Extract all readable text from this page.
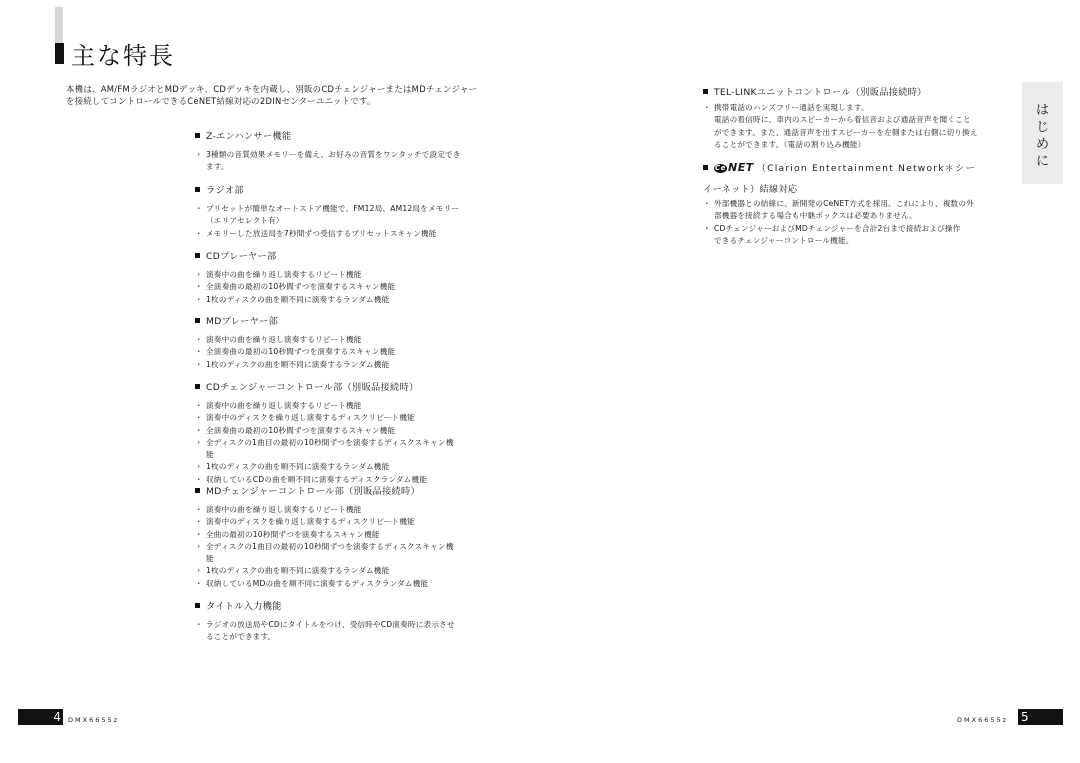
主な特長
本機は、AM/FMラジオとMDデッキ、CDデッキを内蔵し、別販のCDチェンジャーまたはMDチェンジャー
を接続してコントロールできるCeNET結線対応の2DINセンターユニットです。
Z-エンハンサー機能
・ 3種類の音質効果メモリーを備え、お好みの音質をワンタッチで設定でき
ます。
ラジオ部
・ プリセットが簡単なオートストア機能で、FM12局、AM12局をメモリー
（エリアセレクト有）
・ メモリーした放送局を7秒間ずつ受信するプリセットスキャン機能
CDプレーヤー部
・ 演奏中の曲を繰り返し演奏するリピート機能
・ 全演奏曲の最初の10秒間ずつを演奏するスキャン機能
・ 1枚のディスクの曲を順不同に演奏するランダム機能
MDプレーヤー部
・ 演奏中の曲を繰り返し演奏するリピート機能
・ 全演奏曲の最初の10秒間ずつを演奏するスキャン機能
・ 1枚のディスクの曲を順不同に演奏するランダム機能
CDチェンジャーコントロール部（別販品接続時）
・ 演奏中の曲を繰り返し演奏するリピート機能
・ 演奏中のディスクを繰り返し演奏するディスクリピート機能
・ 全演奏曲の最初の10秒間ずつを演奏するスキャン機能
・ 全ディスクの1曲目の最初の10秒間ずつを演奏するディスクスキャン機
能
・ 1枚のディスクの曲を順不同に演奏するランダム機能
・ 収納しているCDの曲を順不同に演奏するディスクランダム機能
MDチェンジャーコントロール部（別販品接続時）
・ 演奏中の曲を繰り返し演奏するリピート機能
・ 演奏中のディスクを繰り返し演奏するディスクリピート機能
・ 全曲の最初の10秒間ずつを演奏するスキャン機能
・ 全ディスクの1曲目の最初の10秒間ずつを演奏するディスクスキャン機
能
・ 1枚のディスクの曲を順不同に演奏するランダム機能
・ 収納しているMDの曲を順不同に演奏するディスクランダム機能
タイトル入力機能
・ ラジオの放送局やCDにタイトルをつけ、受信時やCD演奏時に表示させ
ることができます。
TEL-LINKユニットコントロール（別販品接続時）
・ 携帯電話のハンズフリー通話を実現します。
電話の着信時に、車内のスピーカーから着信音および通話音声を聞くこと
ができます。また、通話音声を出すスピーカーを左側または右側に切り換え
ることができます。（電話の割り込み機能）
Ce NET （Clarion Entertainment Network＊シー
イーネット）結線対応
・ 外部機器との結線に、新開発のCeNET方式を採用。これにより、複数の外
部機器を接続する場合も中継ボックスは必要ありません。
・ CDチェンジャーおよびMDチェンジャーを合計2台まで接続および操作
できるチェンジャーコントロール機能。
は
じ
め
に
4	DMX6655z	DMX6655z 5
